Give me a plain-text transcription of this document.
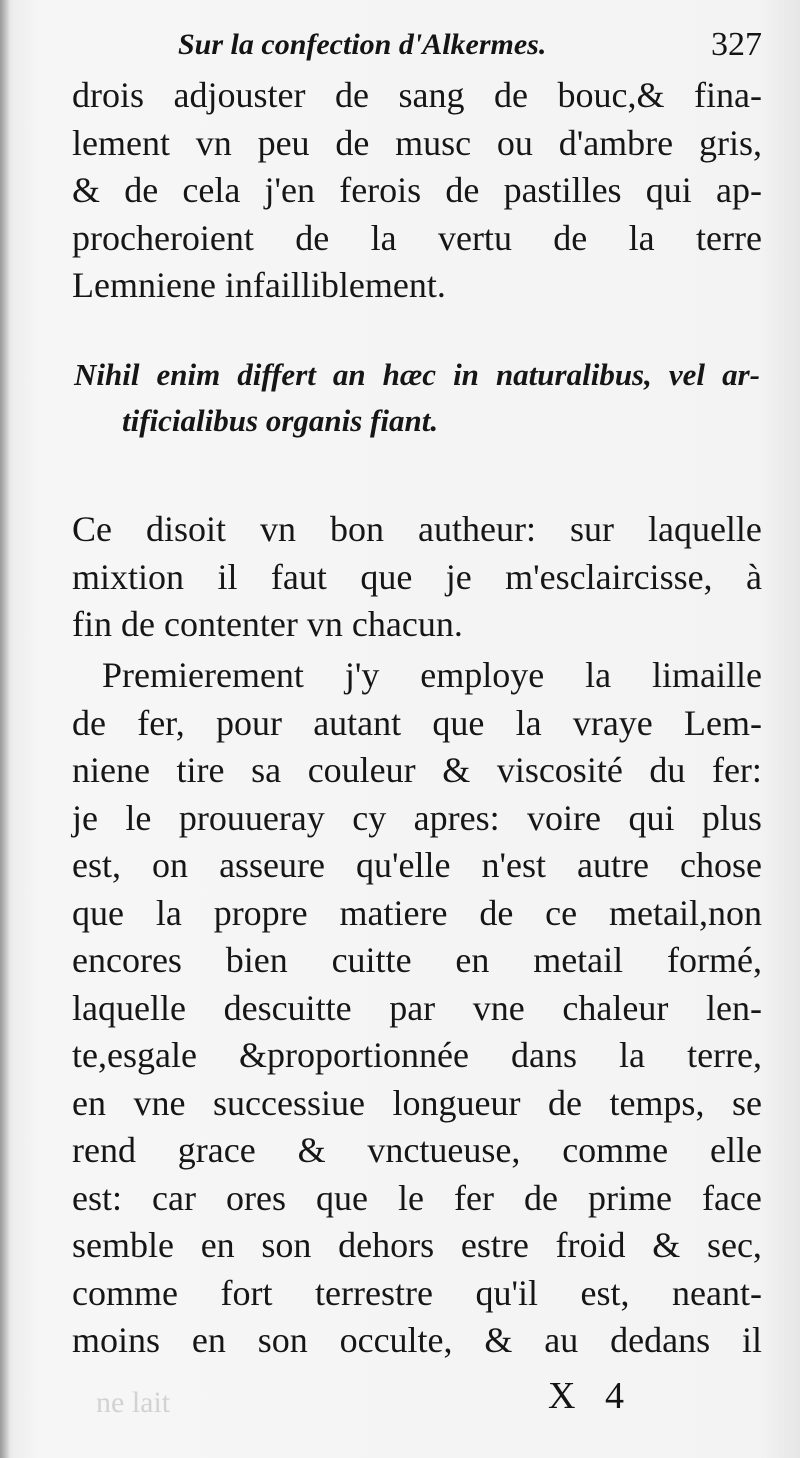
Sur la confection d'Alkermes.	327
drois adjouster de sang de bouc,& fina-
lement vn peu de musc ou d'ambre gris,
& de cela j'en ferois de pastilles qui ap-
procheroient de la vertu de la terre
Lemniene infailliblement.
Nihil enim differt an hæc in naturalibus, vel ar-
tificialibus organis fiant.
Ce disoit vn bon autheur: sur laquelle
mixtion il faut que je m'esclaircisse, à
fin de contenter vn chacun.
Premierement j'y employe la limaille
de fer, pour autant que la vraye Lem-
niene tire sa couleur & viscosité du fer:
je le prouueray cy apres: voire qui plus
est, on asseure qu'elle n'est autre chose
que la propre matiere de ce metail,non
encores bien cuitte en metail formé,
laquelle descuitte par vne chaleur len-
te,esgale &proportionnée dans la terre,
en vne successiue longueur de temps, se
rend grace & vnctueuse, comme elle
est: car ores que le fer de prime face
semble en son dehors estre froid & sec,
comme fort terrestre qu'il est, neant-
moins en son occulte, & au dedans il
ne lait	X 4
